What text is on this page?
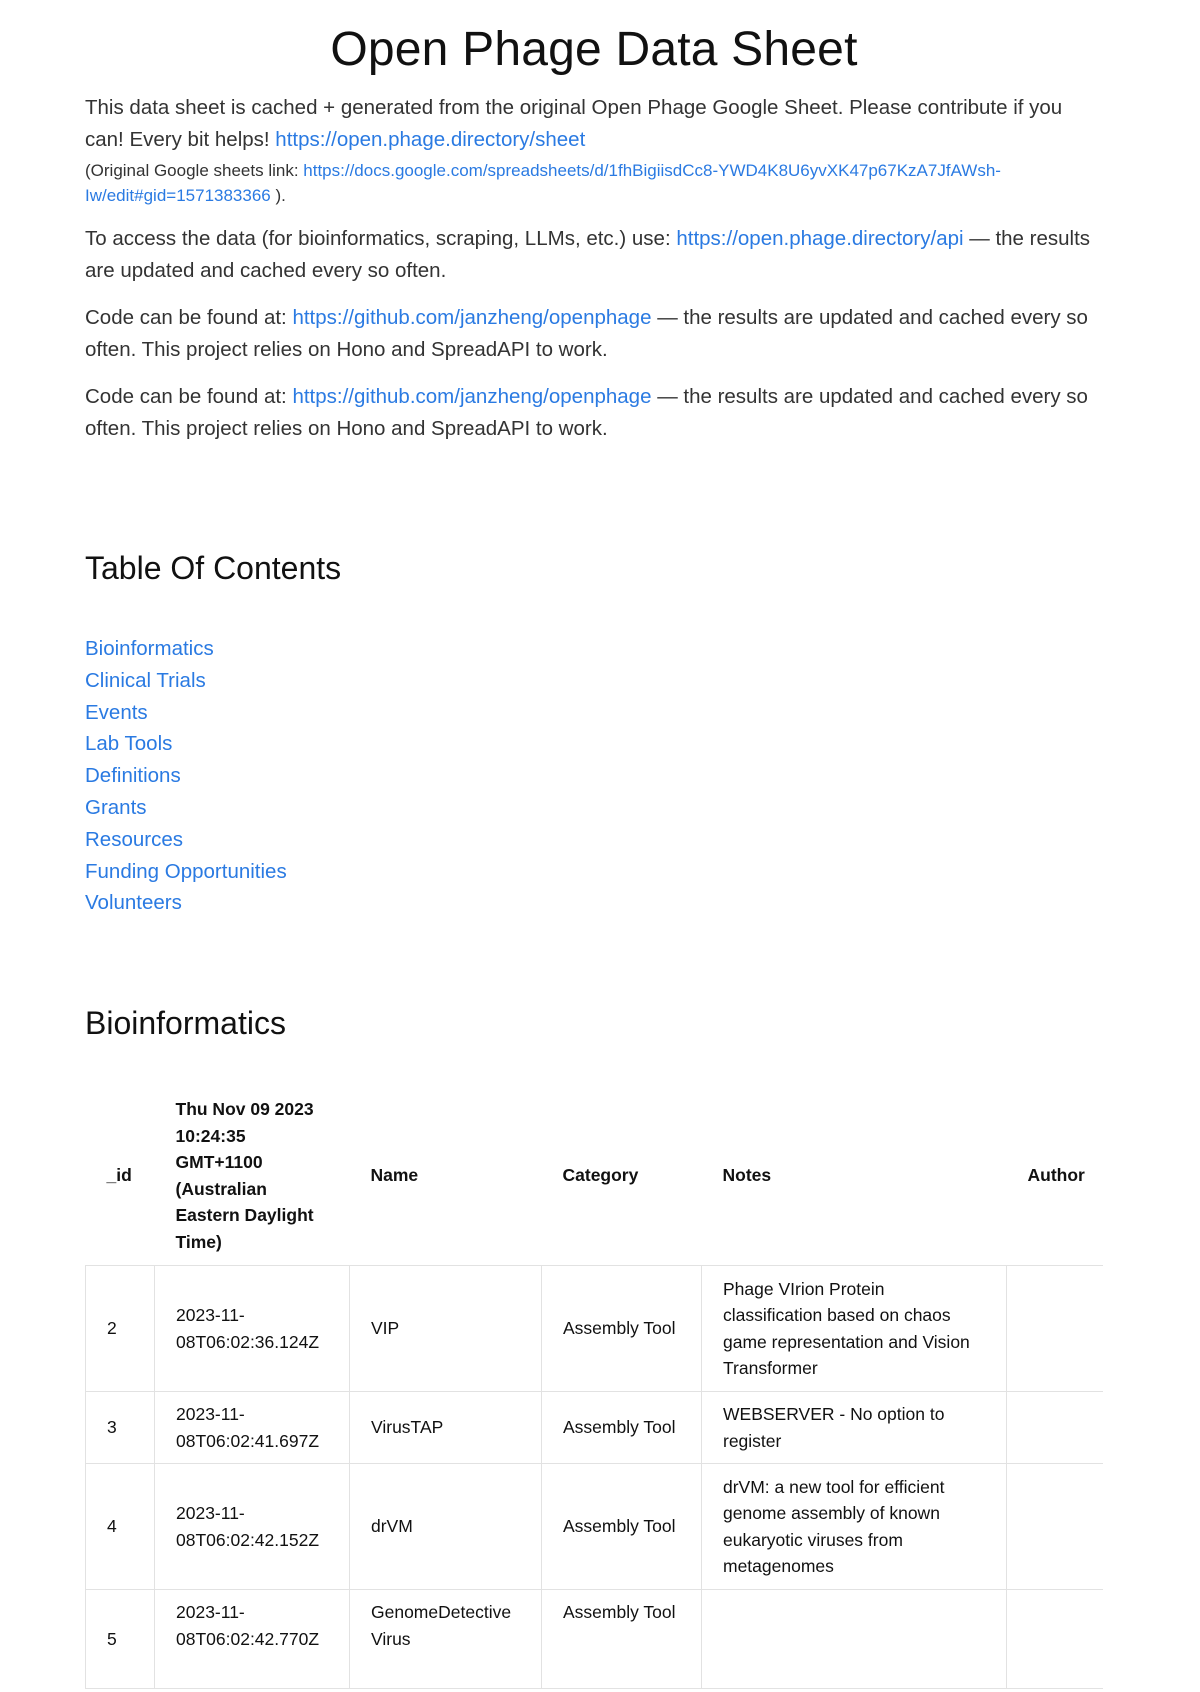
Open Phage Data Sheet

This data sheet is cached + generated from the original Open Phage Google Sheet. Please contribute if you can! Every bit helps! https://open.phage.directory/sheet

(Original Google sheets link: https://docs.google.com/spreadsheets/d/1fhBigiisdCc8-YWD4K8U6yvXK47p67KzA7JfAWsh-Iw/edit#gid=1571383366 ).

To access the data (for bioinformatics, scraping, LLMs, etc.) use: https://open.phage.directory/api — the results are updated and cached every so often.

Code can be found at: https://github.com/janzheng/openphage — the results are updated and cached every so often. This project relies on Hono and SpreadAPI to work.

Code can be found at: https://github.com/janzheng/openphage — the results are updated and cached every so often. This project relies on Hono and SpreadAPI to work.

Table Of Contents
Bioinformatics
Clinical Trials
Events
Lab Tools
Definitions
Grants
Resources
Funding Opportunities
Volunteers
Bioinformatics
_id	Thu Nov 09 2023 10:24:35 GMT+1100 (Australian Eastern Daylight Time)	Name	Category	Notes	Author
2	2023-11-08T06:02:36.124Z	VIP	Assembly Tool	Phage VIrion Protein classification based on chaos game representation and Vision Transformer	
3	2023-11-08T06:02:41.697Z	VirusTAP	Assembly Tool	WEBSERVER - No option to register	
4	2023-11-08T06:02:42.152Z	drVM	Assembly Tool	drVM: a new tool for efficient genome assembly of known eukaryotic viruses from metagenomes	
5	2023-11-08T06:02:42.770Z	GenomeDetective Virus	Assembly Tool		
